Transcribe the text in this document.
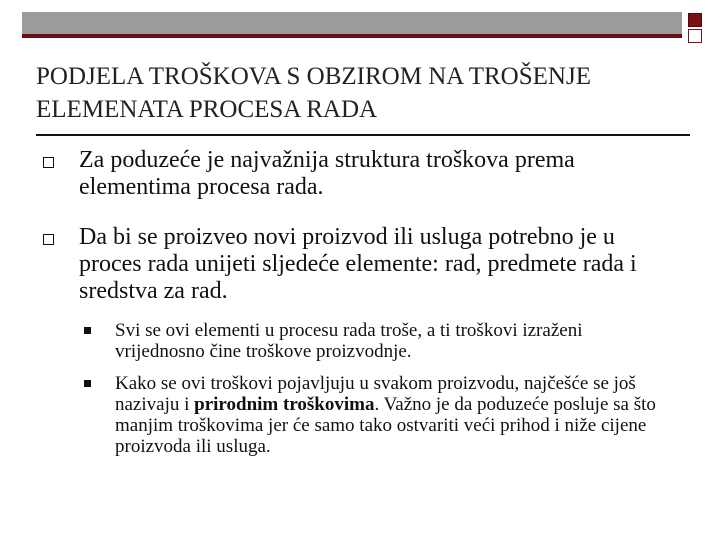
PODJELA TROŠKOVA S OBZIROM NA TROŠENJE ELEMENATA PROCESA RADA
Za poduzeće je najvažnija struktura troškova prema elementima procesa rada.
Da bi se proizveo novi proizvod ili usluga potrebno je u proces rada unijeti sljedeće elemente: rad, predmete rada i sredstva za rad.
Svi se ovi elementi u procesu rada troše, a ti troškovi izraženi vrijednosno čine troškove proizvodnje.
Kako se ovi troškovi pojavljuju u svakom proizvodu, najčešće se još nazivaju i prirodnim troškovima. Važno je da poduzeće posluje sa što manjim troškovima jer će samo tako ostvariti veći prihod i niže cijene proizvoda ili usluga.
